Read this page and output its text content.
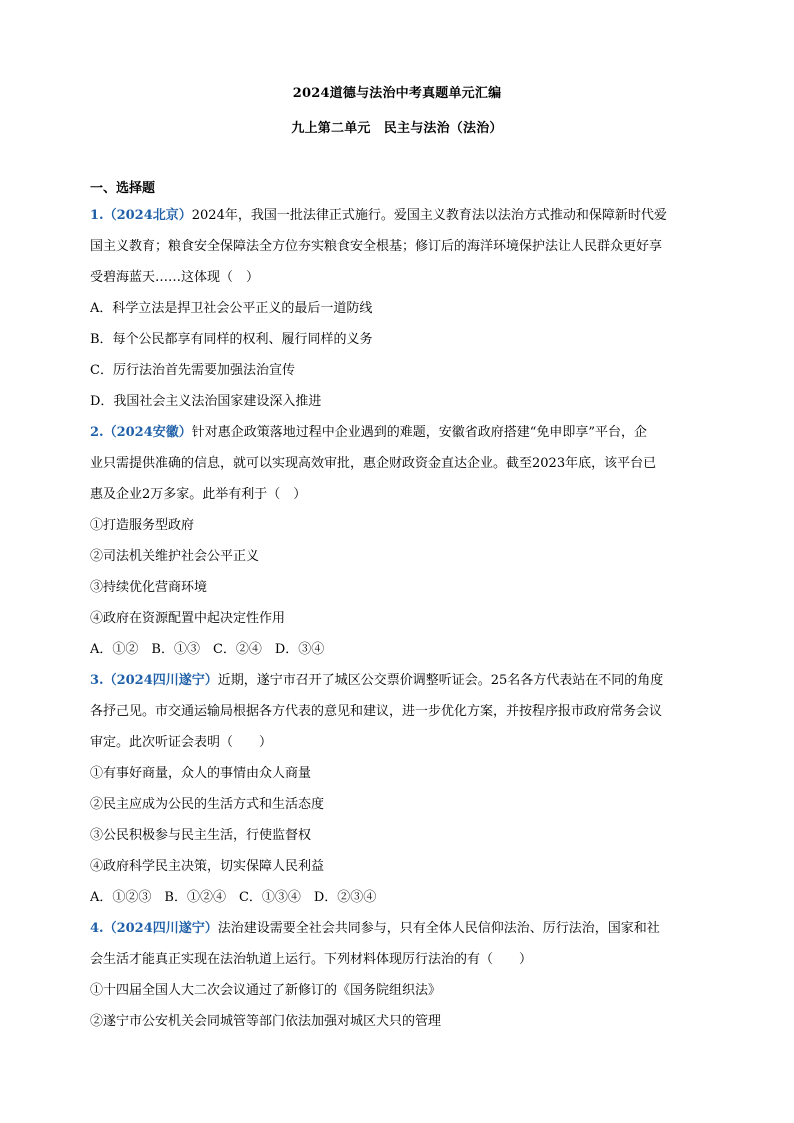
2024道德与法治中考真题单元汇编
九上第二单元　民主与法治（法治）
一、选择题
1.（2024北京）2024年，我国一批法律正式施行。爱国主义教育法以法治方式推动和保障新时代爱
国主义教育；粮食安全保障法全方位夯实粮食安全根基；修订后的海洋环境保护法让人民群众更好享
受碧海蓝天……这体现（　）
A．科学立法是捍卫社会公平正义的最后一道防线
B．每个公民都享有同样的权利、履行同样的义务
C．厉行法治首先需要加强法治宣传
D．我国社会主义法治国家建设深入推进
2.（2024安徽）针对惠企政策落地过程中企业遇到的难题，安徽省政府搭建“免申即享”平台，企
业只需提供准确的信息，就可以实现高效审批，惠企财政资金直达企业。截至2023年底，该平台已
惠及企业2万多家。此举有利于（　）
①打造服务型政府
②司法机关维护社会公平正义
③持续优化营商环境
④政府在资源配置中起决定性作用
A．①②　B．①③　C．②④　D．③④
3.（2024四川遂宁）近期，遂宁市召开了城区公交票价调整听证会。25名各方代表站在不同的角度
各抒己见。市交通运输局根据各方代表的意见和建议，进一步优化方案，并按程序报市政府常务会议
审定。此次听证会表明（　　）
①有事好商量，众人的事情由众人商量
②民主应成为公民的生活方式和生活态度
③公民积极参与民主生活，行使监督权
④政府科学民主决策，切实保障人民利益
A．①②③　B．①②④　C．①③④　D．②③④
4.（2024四川遂宁）法治建设需要全社会共同参与，只有全体人民信仰法治、厉行法治，国家和社
会生活才能真正实现在法治轨道上运行。下列材料体现厉行法治的有（　　）
①十四届全国人大二次会议通过了新修订的《国务院组织法》
②遂宁市公安机关会同城管等部门依法加强对城区犬只的管理
